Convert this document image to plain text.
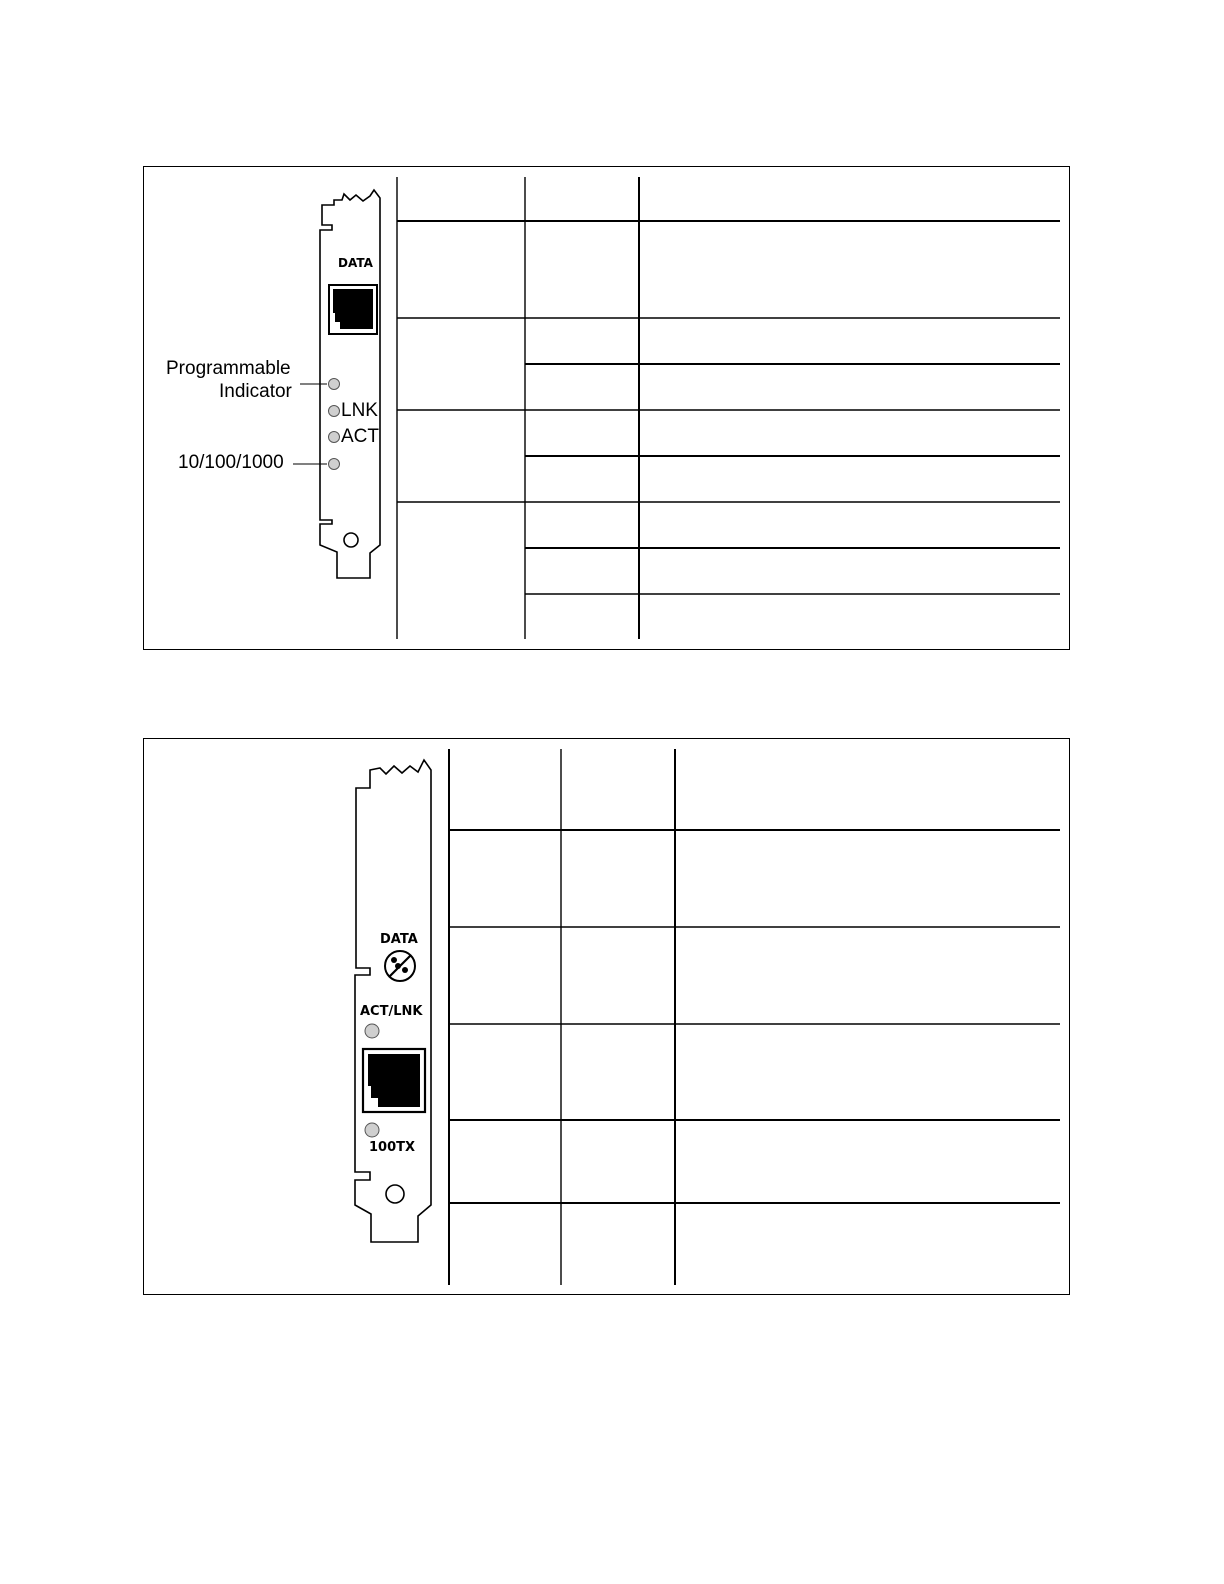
DATA
Programmable
Indicator
LNK
ACT
10/100/1000
DATA
ACT/LNK
100TX
